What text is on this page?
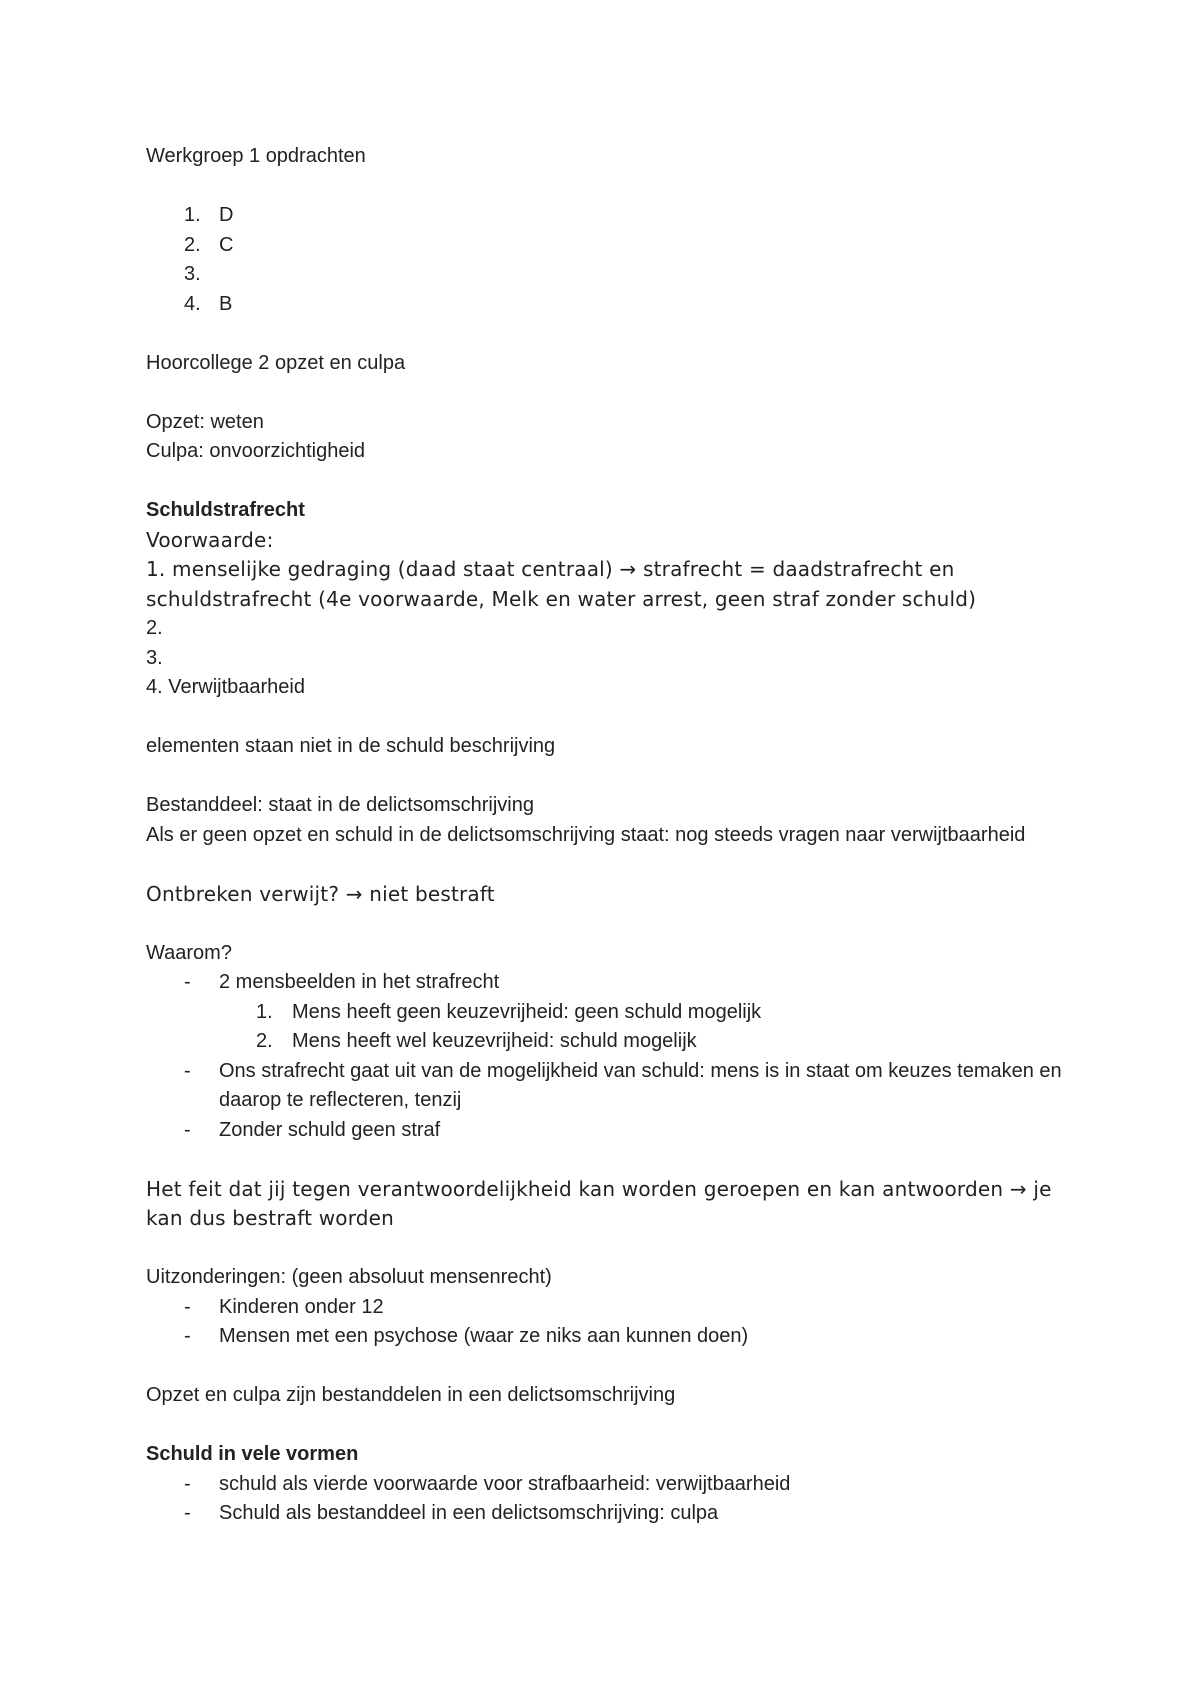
Werkgroep 1 opdrachten

1. D
2. C
3.

4. B

Hoorcollege 2 opzet en culpa

Opzet: weten

Culpa: onvoorzichtigheid

Schuldstrafrecht

Voorwaarde:

1. menselijke gedraging (daad staat centraal) → strafrecht = daadstrafrecht en schuldstrafrecht (4e voorwaarde, Melk en water arrest, geen straf zonder schuld)

2.

3.

4. Verwijtbaarheid

elementen staan niet in de schuld beschrijving

Bestanddeel: staat in de delictsomschrijving

Als er geen opzet en schuld in de delictsomschrijving staat: nog steeds vragen naar verwijtbaarheid

Ontbreken verwijt? → niet bestraft

Waarom?

- 2 mensbeelden in het strafrecht
1. Mens heeft geen keuzevrijheid: geen schuld mogelijk
2. Mens heeft wel keuzevrijheid: schuld mogelijk
- Ons strafrecht gaat uit van de mogelijkheid van schuld: mens is in staat om keuzes temaken en daarop te reflecteren, tenzij
- Zonder schuld geen straf

Het feit dat jij tegen verantwoordelijkheid kan worden geroepen en kan antwoorden → je kan dus bestraft worden

Uitzonderingen: (geen absoluut mensenrecht)

- Kinderen onder 12
- Mensen met een psychose (waar ze niks aan kunnen doen)

Opzet en culpa zijn bestanddelen in een delictsomschrijving

Schuld in vele vormen

- schuld als vierde voorwaarde voor strafbaarheid: verwijtbaarheid
- Schuld als bestanddeel in een delictsomschrijving: culpa
